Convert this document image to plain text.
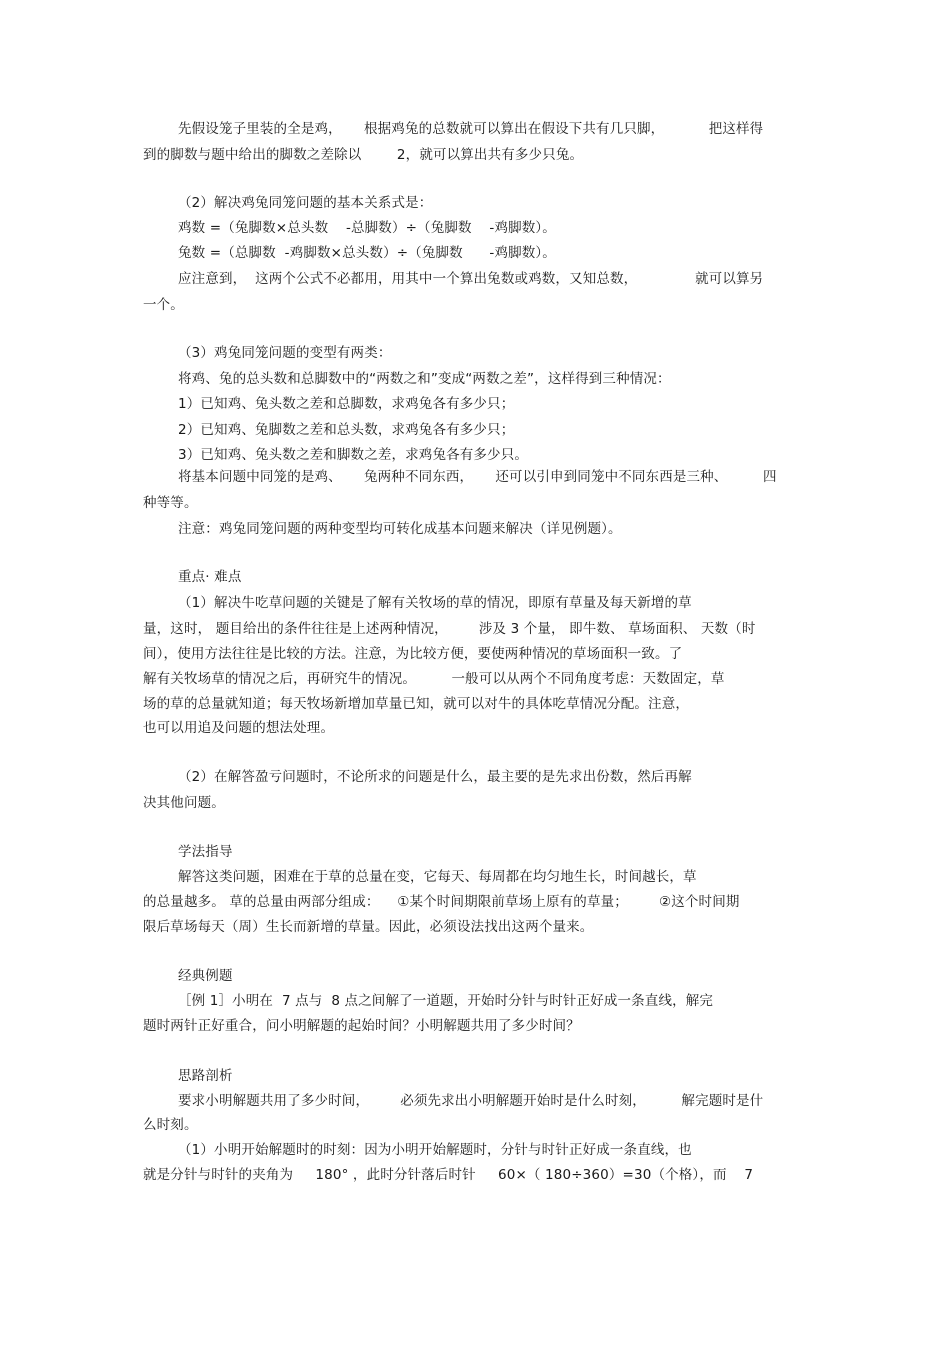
先假设笼子里装的全是鸡，     根据鸡兔的总数就可以算出在假设下共有几只脚，          把这样得

到的脚数与题中给出的脚数之差除以        2，就可以算出共有多少只兔。

（2）解决鸡兔同笼问题的基本关系式是：

鸡数 =（兔脚数×总头数    -总脚数）÷（兔脚数    -鸡脚数）。

兔数 =（总脚数  -鸡脚数×总头数）÷（兔脚数      -鸡脚数）。

应注意到，  这两个公式不必都用，用其中一个算出兔数或鸡数，又知总数，             就可以算另

一个。

（3）鸡兔同笼问题的变型有两类：

将鸡、兔的总头数和总脚数中的“两数之和”变成“两数之差”，这样得到三种情况：

1）已知鸡、兔头数之差和总脚数，求鸡兔各有多少只；

2）已知鸡、兔脚数之差和总头数，求鸡兔各有多少只；

3）已知鸡、兔头数之差和脚数之差，求鸡兔各有多少只。

将基本问题中同笼的是鸡、     兔两种不同东西，     还可以引申到同笼中不同东西是三种、        四

种等等。

注意：鸡兔同笼问题的两种变型均可转化成基本问题来解决（详见例题）。

重点· 难点

（1）解决牛吃草问题的关键是了解有关牧场的草的情况，即原有草量及每天新增的草

量，这时， 题目给出的条件往往是上述两种情况，       涉及 3 个量， 即牛数、 草场面积、 天数（时

间），使用方法往往是比较的方法。注意，为比较方便，要使两种情况的草场面积一致。了

解有关牧场草的情况之后，再研究牛的情况。        一般可以从两个不同角度考虑：天数固定，草

场的草的总量就知道；每天牧场新增加草量已知，就可以对牛的具体吃草情况分配。注意，

也可以用追及问题的想法处理。

（2）在解答盈亏问题时，不论所求的问题是什么，最主要的是先求出份数，然后再解

决其他问题。

学法指导

解答这类问题，困难在于草的总量在变，它每天、每周都在均匀地生长，时间越长，草

的总量越多。 草的总量由两部分组成：    ①某个时间期限前草场上原有的草量；       ②这个时间期

限后草场每天（周）生长而新增的草量。因此，必须设法找出这两个量来。

经典例题

［例 1］小明在  7 点与  8 点之间解了一道题，开始时分针与时针正好成一条直线，解完

题时两针正好重合，问小明解题的起始时间？小明解题共用了多少时间？

思路剖析

要求小明解题共用了多少时间，       必须先求出小明解题开始时是什么时刻，        解完题时是什

么时刻。

（1）小明开始解题时的时刻：因为小明开始解题时，分针与时针正好成一条直线，也

就是分针与时针的夹角为     180° ，此时分针落后时针     60×（ 180÷360）=30（个格），而    7
